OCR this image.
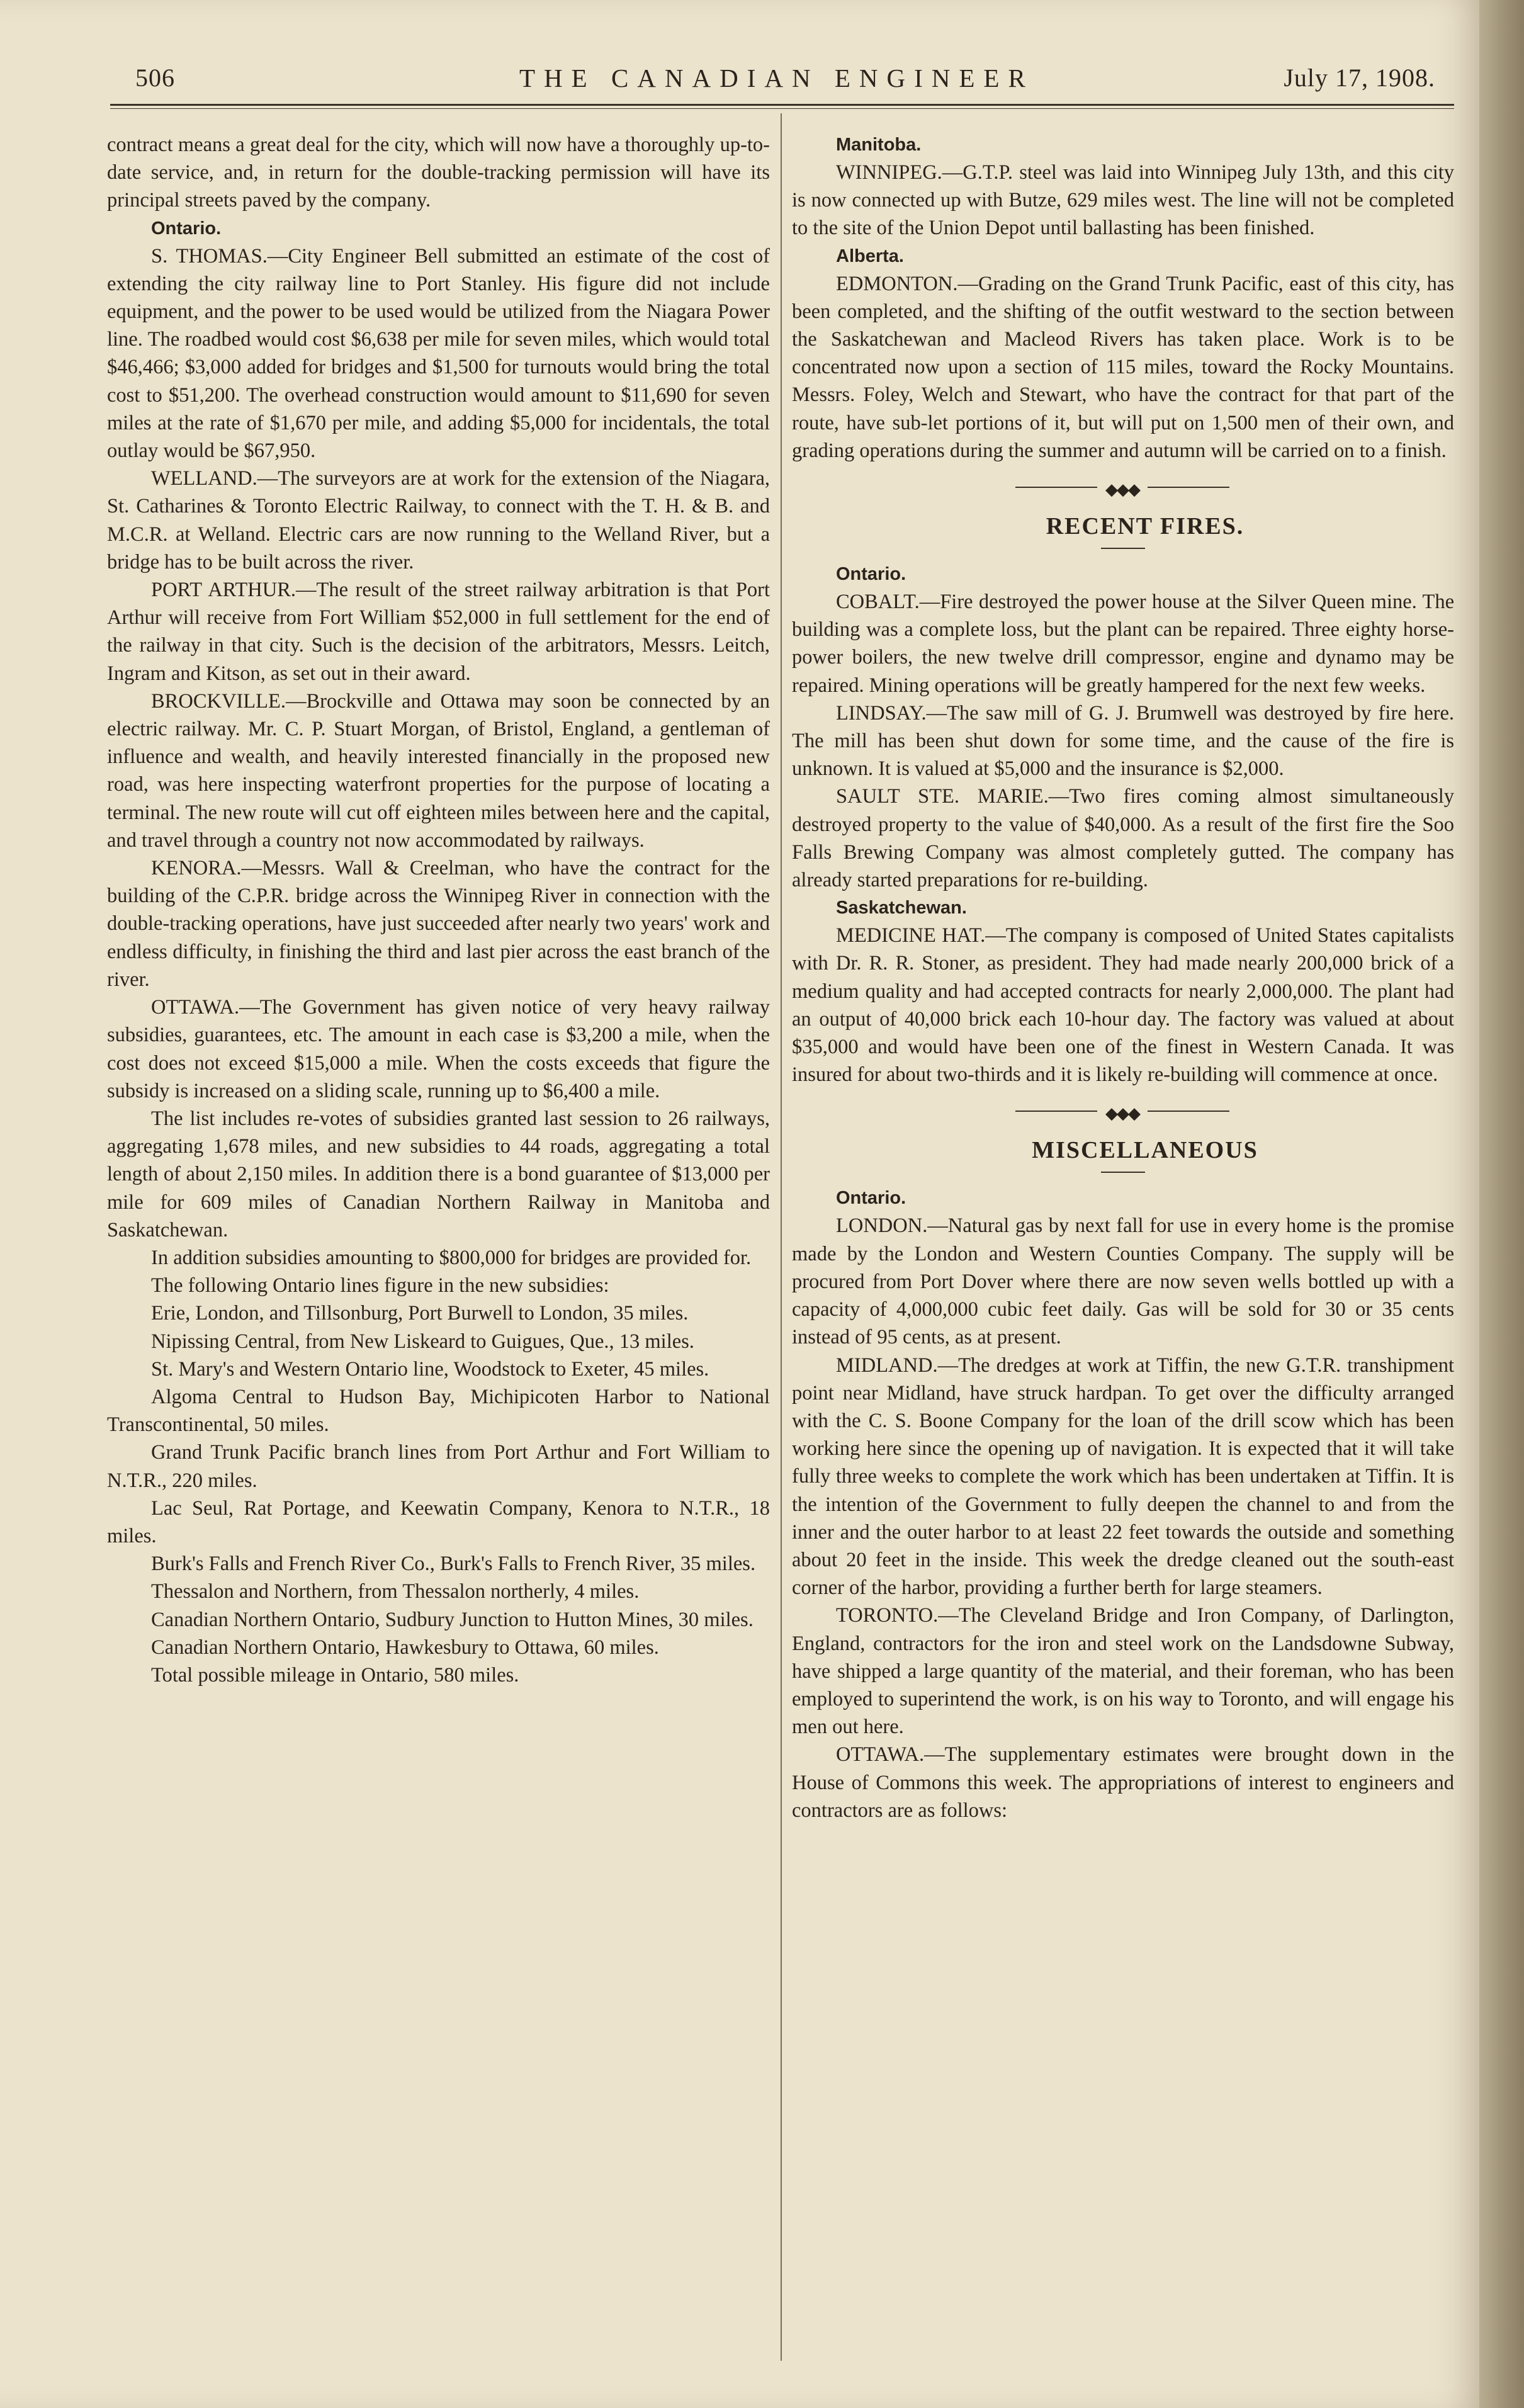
506	THE CANADIAN ENGINEER	July 17, 1908.

contract means a great deal for the city, which will now have a thoroughly up-to-date service, and, in return for the double-tracking permission will have its principal streets paved by the company.

Ontario.

S. THOMAS.—City Engineer Bell submitted an estimate of the cost of extending the city railway line to Port Stanley. His figure did not include equipment, and the power to be used would be utilized from the Niagara Power line. The roadbed would cost $6,638 per mile for seven miles, which would total $46,466; $3,000 added for bridges and $1,500 for turnouts would bring the total cost to $51,200. The overhead construction would amount to $11,690 for seven miles at the rate of $1,670 per mile, and adding $5,000 for incidentals, the total outlay would be $67,950.

WELLAND.—The surveyors are at work for the extension of the Niagara, St. Catharines & Toronto Electric Railway, to connect with the T. H. & B. and M.C.R. at Welland. Electric cars are now running to the Welland River, but a bridge has to be built across the river.

PORT ARTHUR.—The result of the street railway arbitration is that Port Arthur will receive from Fort William $52,000 in full settlement for the end of the railway in that city. Such is the decision of the arbitrators, Messrs. Leitch, Ingram and Kitson, as set out in their award.

BROCKVILLE.—Brockville and Ottawa may soon be connected by an electric railway. Mr. C. P. Stuart Morgan, of Bristol, England, a gentleman of influence and wealth, and heavily interested financially in the proposed new road, was here inspecting waterfront properties for the purpose of locating a terminal. The new route will cut off eighteen miles between here and the capital, and travel through a country not now accommodated by railways.

KENORA.—Messrs. Wall & Creelman, who have the contract for the building of the C.P.R. bridge across the Winnipeg River in connection with the double-tracking operations, have just succeeded after nearly two years' work and endless difficulty, in finishing the third and last pier across the east branch of the river.

OTTAWA.—The Government has given notice of very heavy railway subsidies, guarantees, etc. The amount in each case is $3,200 a mile, when the cost does not exceed $15,000 a mile. When the costs exceeds that figure the subsidy is increased on a sliding scale, running up to $6,400 a mile.

The list includes re-votes of subsidies granted last session to 26 railways, aggregating 1,678 miles, and new subsidies to 44 roads, aggregating a total length of about 2,150 miles. In addition there is a bond guarantee of $13,000 per mile for 609 miles of Canadian Northern Railway in Manitoba and Saskatchewan.

In addition subsidies amounting to $800,000 for bridges are provided for.

The following Ontario lines figure in the new subsidies:

Erie, London, and Tillsonburg, Port Burwell to London, 35 miles.

Nipissing Central, from New Liskeard to Guigues, Que., 13 miles.

St. Mary's and Western Ontario line, Woodstock to Exeter, 45 miles.

Algoma Central to Hudson Bay, Michipicoten Harbor to National Transcontinental, 50 miles.

Grand Trunk Pacific branch lines from Port Arthur and Fort William to N.T.R., 220 miles.

Lac Seul, Rat Portage, and Keewatin Company, Kenora to N.T.R., 18 miles.

Burk's Falls and French River Co., Burk's Falls to French River, 35 miles.

Thessalon and Northern, from Thessalon northerly, 4 miles.

Canadian Northern Ontario, Sudbury Junction to Hutton Mines, 30 miles.

Canadian Northern Ontario, Hawkesbury to Ottawa, 60 miles.

Total possible mileage in Ontario, 580 miles.

Manitoba.

WINNIPEG.—G.T.P. steel was laid into Winnipeg July 13th, and this city is now connected up with Butze, 629 miles west. The line will not be completed to the site of the Union Depot until ballasting has been finished.

Alberta.

EDMONTON.—Grading on the Grand Trunk Pacific, east of this city, has been completed, and the shifting of the outfit westward to the section between the Saskatchewan and Macleod Rivers has taken place. Work is to be concentrated now upon a section of 115 miles, toward the Rocky Mountains. Messrs. Foley, Welch and Stewart, who have the contract for that part of the route, have sub-let portions of it, but will put on 1,500 men of their own, and grading operations during the summer and autumn will be carried on to a finish.

◆◆◆

RECENT FIRES.

Ontario.

COBALT.—Fire destroyed the power house at the Silver Queen mine. The building was a complete loss, but the plant can be repaired. Three eighty horse-power boilers, the new twelve drill compressor, engine and dynamo may be repaired. Mining operations will be greatly hampered for the next few weeks.

LINDSAY.—The saw mill of G. J. Brumwell was destroyed by fire here. The mill has been shut down for some time, and the cause of the fire is unknown. It is valued at $5,000 and the insurance is $2,000.

SAULT STE. MARIE.—Two fires coming almost simultaneously destroyed property to the value of $40,000. As a result of the first fire the Soo Falls Brewing Company was almost completely gutted. The company has already started preparations for re-building.

Saskatchewan.

MEDICINE HAT.—The company is composed of United States capitalists with Dr. R. R. Stoner, as president. They had made nearly 200,000 brick of a medium quality and had accepted contracts for nearly 2,000,000. The plant had an output of 40,000 brick each 10-hour day. The factory was valued at about $35,000 and would have been one of the finest in Western Canada. It was insured for about two-thirds and it is likely re-building will commence at once.

◆◆◆

MISCELLANEOUS

Ontario.

LONDON.—Natural gas by next fall for use in every home is the promise made by the London and Western Counties Company. The supply will be procured from Port Dover where there are now seven wells bottled up with a capacity of 4,000,000 cubic feet daily. Gas will be sold for 30 or 35 cents instead of 95 cents, as at present.

MIDLAND.—The dredges at work at Tiffin, the new G.T.R. transhipment point near Midland, have struck hardpan. To get over the difficulty arranged with the C. S. Boone Company for the loan of the drill scow which has been working here since the opening up of navigation. It is expected that it will take fully three weeks to complete the work which has been undertaken at Tiffin. It is the intention of the Government to fully deepen the channel to and from the inner and the outer harbor to at least 22 feet towards the outside and something about 20 feet in the inside. This week the dredge cleaned out the south-east corner of the harbor, providing a further berth for large steamers.

TORONTO.—The Cleveland Bridge and Iron Company, of Darlington, England, contractors for the iron and steel work on the Landsdowne Subway, have shipped a large quantity of the material, and their foreman, who has been employed to superintend the work, is on his way to Toronto, and will engage his men out here.

OTTAWA.—The supplementary estimates were brought down in the House of Commons this week. The appropriations of interest to engineers and contractors are as follows:
